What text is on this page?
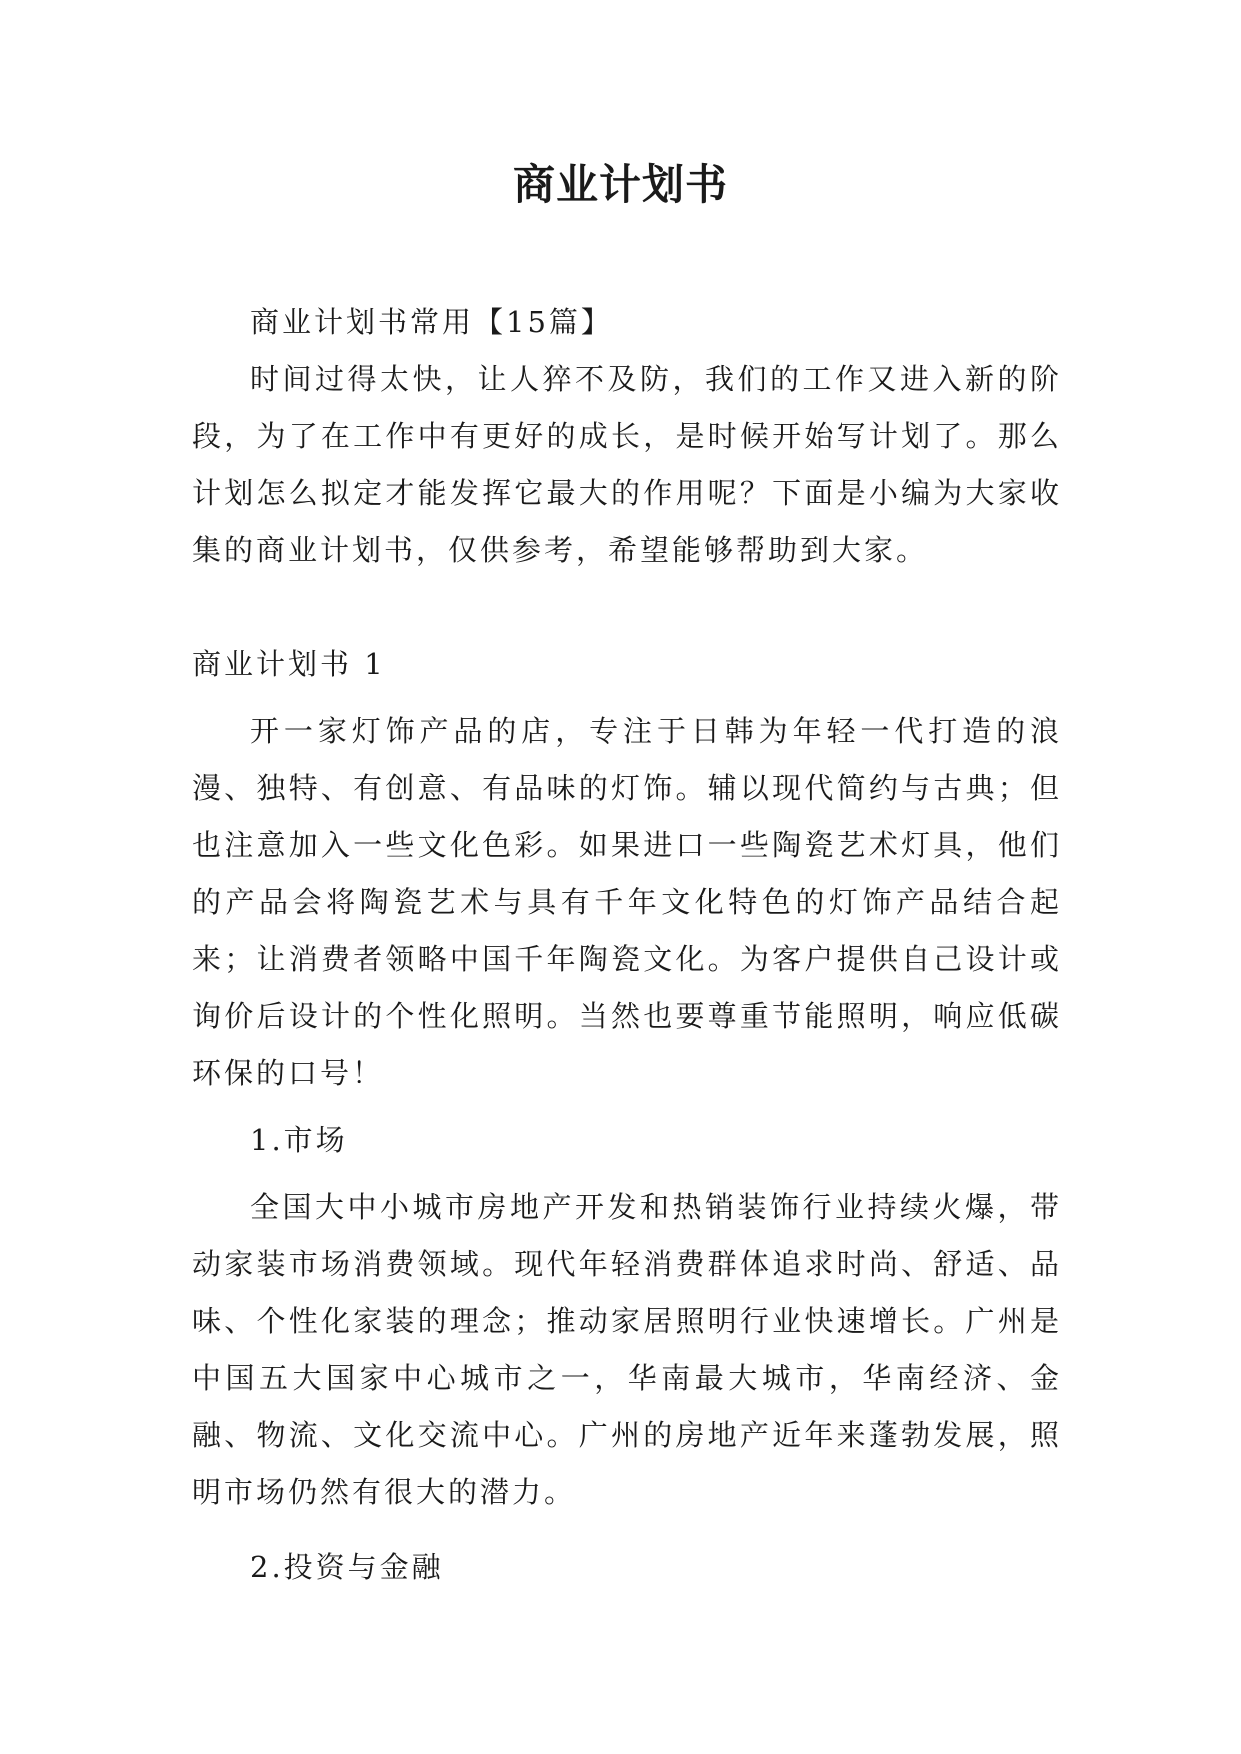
商业计划书

商业计划书常用【15篇】

时间过得太快，让人猝不及防，我们的工作又进入新的阶段，为了在工作中有更好的成长，是时候开始写计划了。那么计划怎么拟定才能发挥它最大的作用呢？下面是小编为大家收集的商业计划书，仅供参考，希望能够帮助到大家。

商业计划书 1

开一家灯饰产品的店，专注于日韩为年轻一代打造的浪漫、独特、有创意、有品味的灯饰。辅以现代简约与古典；但也注意加入一些文化色彩。如果进口一些陶瓷艺术灯具，他们的产品会将陶瓷艺术与具有千年文化特色的灯饰产品结合起来；让消费者领略中国千年陶瓷文化。为客户提供自己设计或询价后设计的个性化照明。当然也要尊重节能照明，响应低碳环保的口号！

1.市场

全国大中小城市房地产开发和热销装饰行业持续火爆，带动家装市场消费领域。现代年轻消费群体追求时尚、舒适、品味、个性化家装的理念；推动家居照明行业快速增长。广州是中国五大国家中心城市之一，华南最大城市，华南经济、金融、物流、文化交流中心。广州的房地产近年来蓬勃发展，照明市场仍然有很大的潜力。

2.投资与金融
